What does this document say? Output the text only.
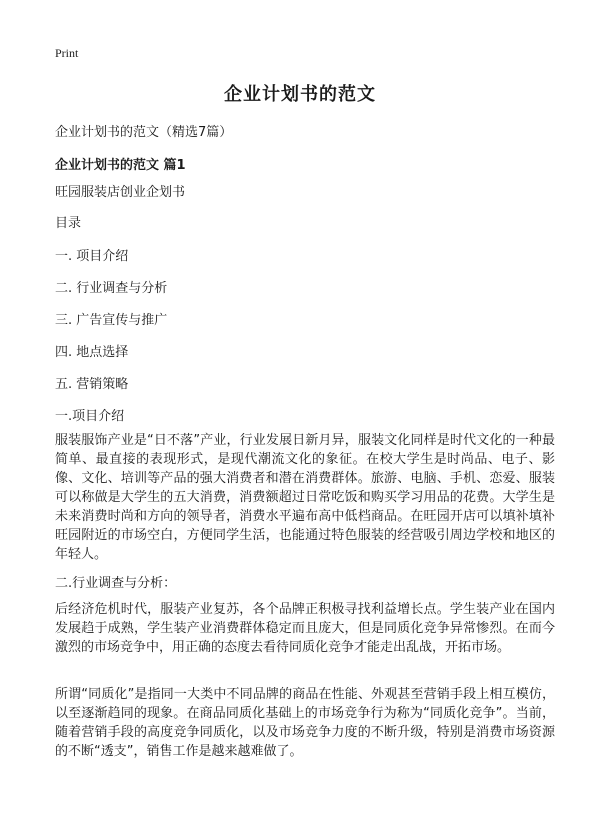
Print
企业计划书的范文
企业计划书的范文（精选7篇）
企业计划书的范文 篇1
旺园服装店创业企划书
目录
一. 项目介绍
二. 行业调查与分析
三. 广告宣传与推广
四. 地点选择
五. 营销策略
一.项目介绍
服装服饰产业是“日不落”产业，行业发展日新月异，服装文化同样是时代文化的一种最简单、最直接的表现形式，是现代潮流文化的象征。在校大学生是时尚品、电子、影像、文化、培训等产品的强大消费者和潜在消费群体。旅游、电脑、手机、恋爱、服装可以称做是大学生的五大消费，消费额超过日常吃饭和购买学习用品的花费。大学生是未来消费时尚和方向的领导者，消费水平遍布高中低档商品。在旺园开店可以填补填补旺园附近的市场空白，方便同学生活，也能通过特色服装的经营吸引周边学校和地区的年轻人。
二.行业调查与分析：
后经济危机时代，服装产业复苏，各个品牌正积极寻找利益增长点。学生装产业在国内发展趋于成熟，学生装产业消费群体稳定而且庞大，但是同质化竞争异常惨烈。在而今激烈的市场竞争中，用正确的态度去看待同质化竞争才能走出乱战，开拓市场。
所谓“同质化”是指同一大类中不同品牌的商品在性能、外观甚至营销手段上相互模仿，以至逐渐趋同的现象。在商品同质化基础上的市场竞争行为称为“同质化竞争”。当前，随着营销手段的高度竞争同质化，以及市场竞争力度的不断升级，特别是消费市场资源的不断“透支”，销售工作是越来越难做了。
